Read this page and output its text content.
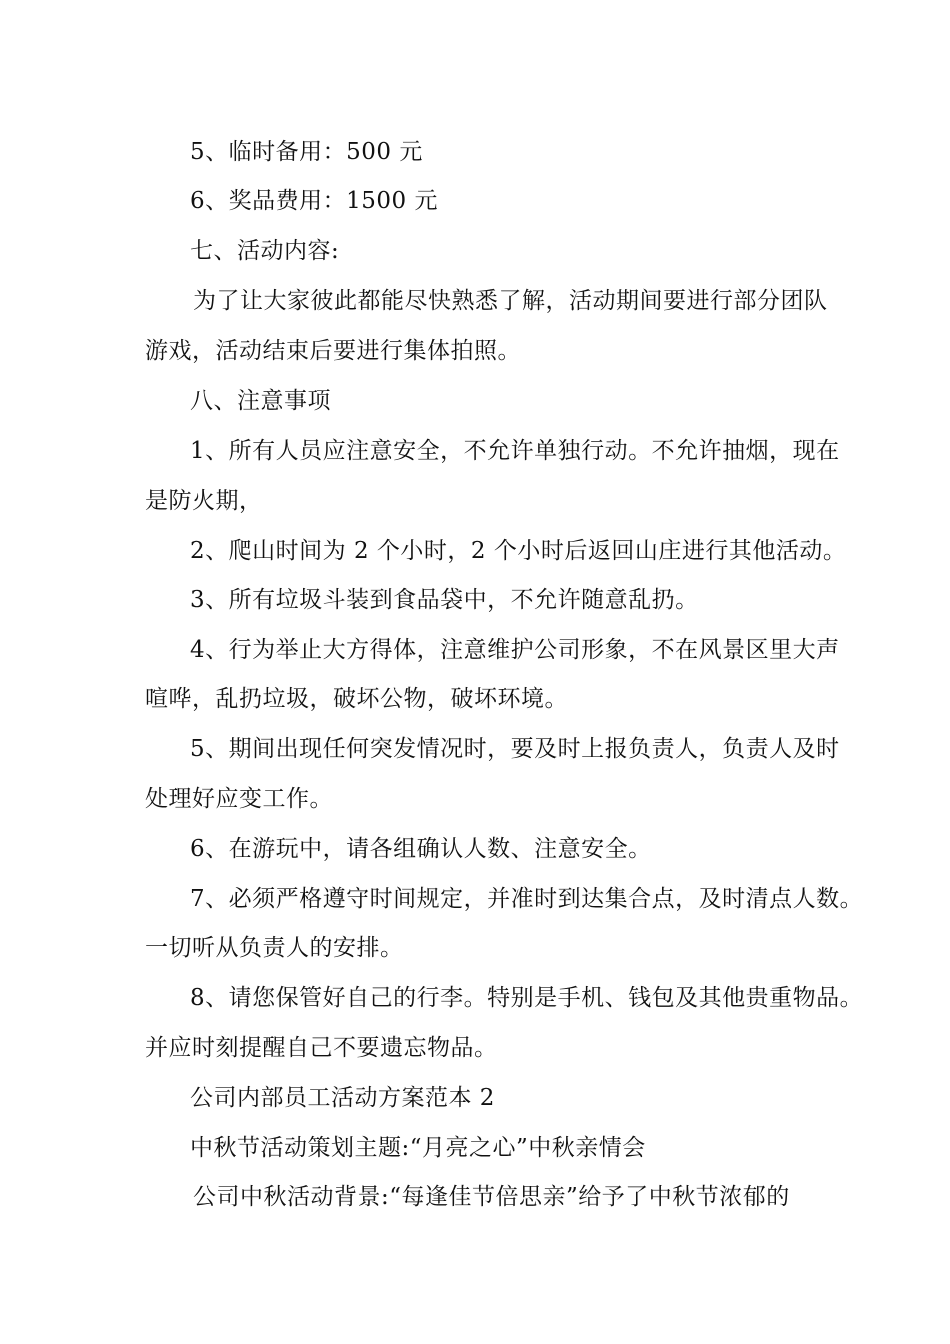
5、临时备用：500 元
6、奖品费用：1500 元
七、活动内容:
为了让大家彼此都能尽快熟悉了解，活动期间要进行部分团队
游戏，活动结束后要进行集体拍照。
八、注意事项
1、所有人员应注意安全，不允许单独行动。不允许抽烟，现在
是防火期，
2、爬山时间为 2 个小时，2 个小时后返回山庄进行其他活动。
3、所有垃圾斗装到食品袋中，不允许随意乱扔。
4、行为举止大方得体，注意维护公司形象，不在风景区里大声
喧哗，乱扔垃圾，破坏公物，破坏环境。
5、期间出现任何突发情况时，要及时上报负责人，负责人及时
处理好应变工作。
6、在游玩中，请各组确认人数、注意安全。
7、必须严格遵守时间规定，并准时到达集合点，及时清点人数。
一切听从负责人的安排。
8、请您保管好自己的行李。特别是手机、钱包及其他贵重物品。
并应时刻提醒自己不要遗忘物品。
公司内部员工活动方案范本 2
中秋节活动策划主题:“月亮之心”中秋亲情会
公司中秋活动背景:“每逢佳节倍思亲”给予了中秋节浓郁的
